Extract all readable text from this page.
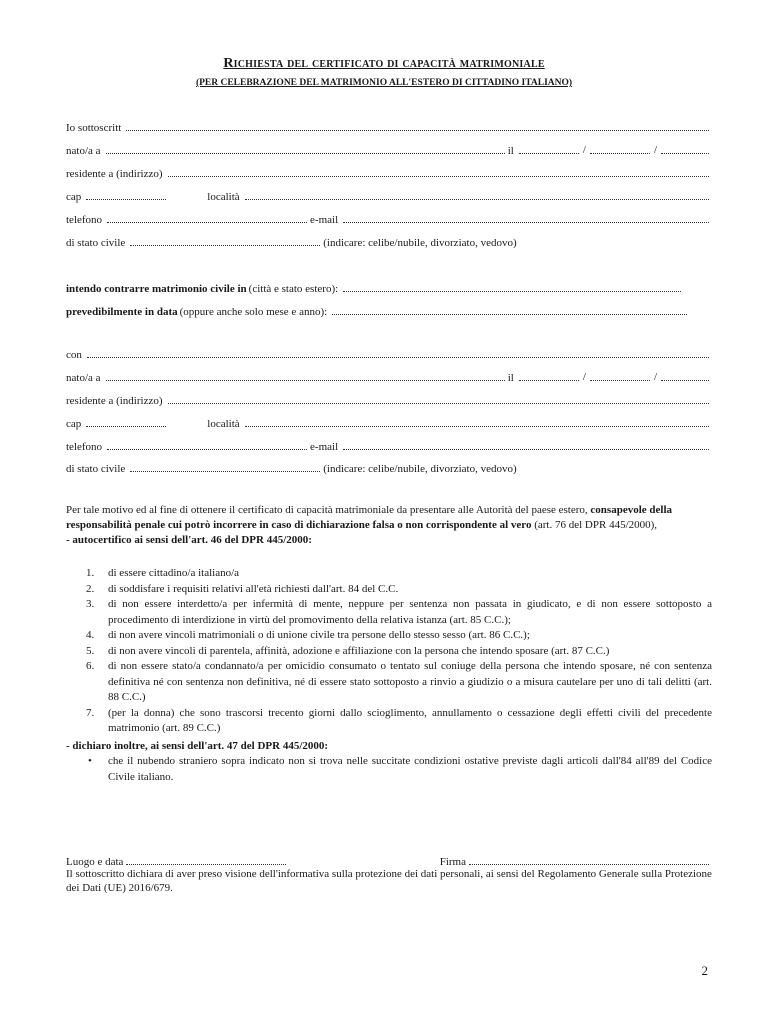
Richiesta del certificato di capacità matrimoniale
(PER CELEBRAZIONE DEL MATRIMONIO ALL'ESTERO DI CITTADINO ITALIANO)
Io sottoscritt
nato/a a	il	/	/
residente a (indirizzo)
cap	località
telefono	e-mail
di stato civile	(indicare: celibe/nubile, divorziato, vedovo)
intendo contrarre matrimonio civile in (città e stato estero):
prevedibilmente in data (oppure anche solo mese e anno):
con
nato/a a	il	/	/
residente a (indirizzo)
cap	località
telefono	e-mail
di stato civile	(indicare: celibe/nubile, divorziato, vedovo)
Per tale motivo ed al fine di ottenere il certificato di capacità matrimoniale da presentare alle Autorità del paese estero, consapevole della responsabilità penale cui potrò incorrere in caso di dichiarazione falsa o non corrispondente al vero (art. 76 del DPR 445/2000),
- autocertifico ai sensi dell'art. 46 del DPR 445/2000:
1. di essere cittadino/a italiano/a
2. di soddisfare i requisiti relativi all'età richiesti dall'art. 84 del C.C.
3. di non essere interdetto/a per infermità di mente, neppure per sentenza non passata in giudicato, e di non essere sottoposto a procedimento di interdizione in virtù del promovimento della relativa istanza (art. 85 C.C.);
4. di non avere vincoli matrimoniali o di unione civile tra persone dello stesso sesso (art. 86 C.C.);
5. di non avere vincoli di parentela, affinità, adozione e affiliazione con la persona che intendo sposare (art. 87 C.C.)
6. di non essere stato/a condannato/a per omicidio consumato o tentato sul coniuge della persona che intendo sposare, né con sentenza definitiva né con sentenza non definitiva, né di essere stato sottoposto a rinvio a giudizio o a misura cautelare per uno di tali delitti (art. 88 C.C.)
7. (per la donna) che sono trascorsi trecento giorni dallo scioglimento, annullamento o cessazione degli effetti civili del precedente matrimonio (art. 89 C.C.)
- dichiaro inoltre, ai sensi dell'art. 47 del DPR 445/2000:
• che il nubendo straniero sopra indicato non si trova nelle succitate condizioni ostative previste dagli articoli dall'84 all'89 del Codice Civile italiano.
Luogo e data	Firma
Il sottoscritto dichiara di aver preso visione dell'informativa sulla protezione dei dati personali, ai sensi del Regolamento Generale sulla Protezione dei Dati (UE) 2016/679.
2
